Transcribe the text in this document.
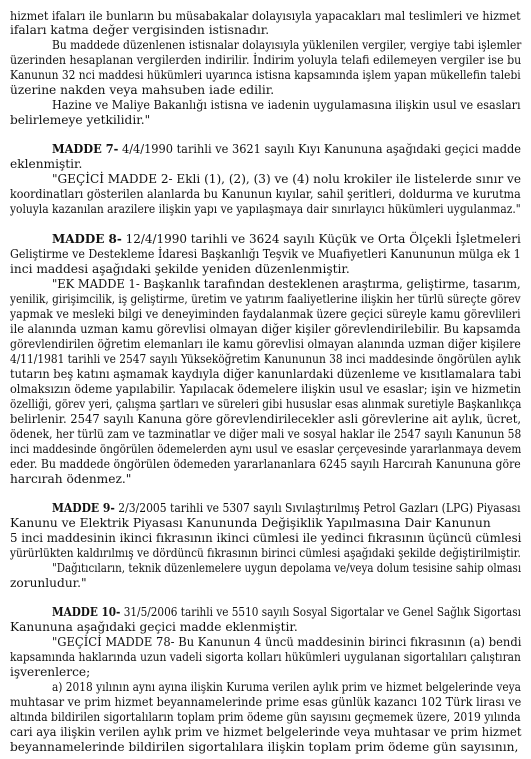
hizmet ifaları ile bunların bu müsabakalar dolayısıyla yapacakları mal teslimleri ve hizmet
ifaları katma değer vergisinden istisnadır.
Bu maddede düzenlenen istisnalar dolayısıyla yüklenilen vergiler, vergiye tabi işlemler
üzerinden hesaplanan vergilerden indirilir. İndirim yoluyla telafi edilemeyen vergiler ise bu
Kanunun 32 nci maddesi hükümleri uyarınca istisna kapsamında işlem yapan mükellefin talebi
üzerine nakden veya mahsuben iade edilir.
Hazine ve Maliye Bakanlığı istisna ve iadenin uygulamasına ilişkin usul ve esasları
belirlemeye yetkilidir."
MADDE 7- 4/4/1990 tarihli ve 3621 sayılı Kıyı Kanununa aşağıdaki geçici madde
eklenmiştir.
"GEÇİCİ MADDE 2- Ekli (1), (2), (3) ve (4) nolu krokiler ile listelerde sınır ve
koordinatları gösterilen alanlarda bu Kanunun kıyılar, sahil şeritleri, doldurma ve kurutma
yoluyla kazanılan arazilere ilişkin yapı ve yapılaşmaya dair sınırlayıcı hükümleri uygulanmaz."
MADDE 8- 12/4/1990 tarihli ve 3624 sayılı Küçük ve Orta Ölçekli İşletmeleri
Geliştirme ve Destekleme İdaresi Başkanlığı Teşvik ve Muafiyetleri Kanununun mülga ek 1
inci maddesi aşağıdaki şekilde yeniden düzenlenmiştir.
"EK MADDE 1- Başkanlık tarafından desteklenen araştırma, geliştirme, tasarım,
yenilik, girişimcilik, iş geliştirme, üretim ve yatırım faaliyetlerine ilişkin her türlü süreçte görev
yapmak ve mesleki bilgi ve deneyiminden faydalanmak üzere geçici süreyle kamu görevlileri
ile alanında uzman kamu görevlisi olmayan diğer kişiler görevlendirilebilir. Bu kapsamda
görevlendirilen öğretim elemanları ile kamu görevlisi olmayan alanında uzman diğer kişilere
4/11/1981 tarihli ve 2547 sayılı Yükseköğretim Kanununun 38 inci maddesinde öngörülen aylık
tutarın beş katını aşmamak kaydıyla diğer kanunlardaki düzenleme ve kısıtlamalara tabi
olmaksızın ödeme yapılabilir. Yapılacak ödemelere ilişkin usul ve esaslar; işin ve hizmetin
özelliği, görev yeri, çalışma şartları ve süreleri gibi hususlar esas alınmak suretiyle Başkanlıkça
belirlenir. 2547 sayılı Kanuna göre görevlendirilecekler asli görevlerine ait aylık, ücret,
ödenek, her türlü zam ve tazminatlar ve diğer mali ve sosyal haklar ile 2547 sayılı Kanunun 58
inci maddesinde öngörülen ödemelerden aynı usul ve esaslar çerçevesinde yararlanmaya devem
eder. Bu maddede öngörülen ödemeden yararlananlara 6245 sayılı Harcırah Kanununa göre
harcırah ödenmez."
MADDE 9- 2/3/2005 tarihli ve 5307 sayılı Sıvılaştırılmış Petrol Gazları (LPG) Piyasası
Kanunu ve Elektrik Piyasası Kanununda Değişiklik Yapılmasına Dair Kanunun
5 inci maddesinin ikinci fıkrasının ikinci cümlesi ile yedinci fıkrasının üçüncü cümlesi
yürürlükten kaldırılmış ve dördüncü fıkrasının birinci cümlesi aşağıdaki şekilde değiştirilmiştir.
"Dağıtıcıların, teknik düzenlemelere uygun depolama ve/veya dolum tesisine sahip olması
zorunludur."
MADDE 10- 31/5/2006 tarihli ve 5510 sayılı Sosyal Sigortalar ve Genel Sağlık Sigortası
Kanununa aşağıdaki geçici madde eklenmiştir.
"GEÇİCİ MADDE 78- Bu Kanunun 4 üncü maddesinin birinci fıkrasının (a) bendi
kapsamında haklarında uzun vadeli sigorta kolları hükümleri uygulanan sigortalıları çalıştıran
işverenlerce;
a) 2018 yılının aynı ayına ilişkin Kuruma verilen aylık prim ve hizmet belgelerinde veya
muhtasar ve prim hizmet beyannamelerinde prime esas günlük kazancı 102 Türk lirası ve
altında bildirilen sigortalıların toplam prim ödeme gün sayısını geçmemek üzere, 2019 yılında
cari aya ilişkin verilen aylık prim ve hizmet belgelerinde veya muhtasar ve prim hizmet
beyannamelerinde bildirilen sigortalılara ilişkin toplam prim ödeme gün sayısının,
